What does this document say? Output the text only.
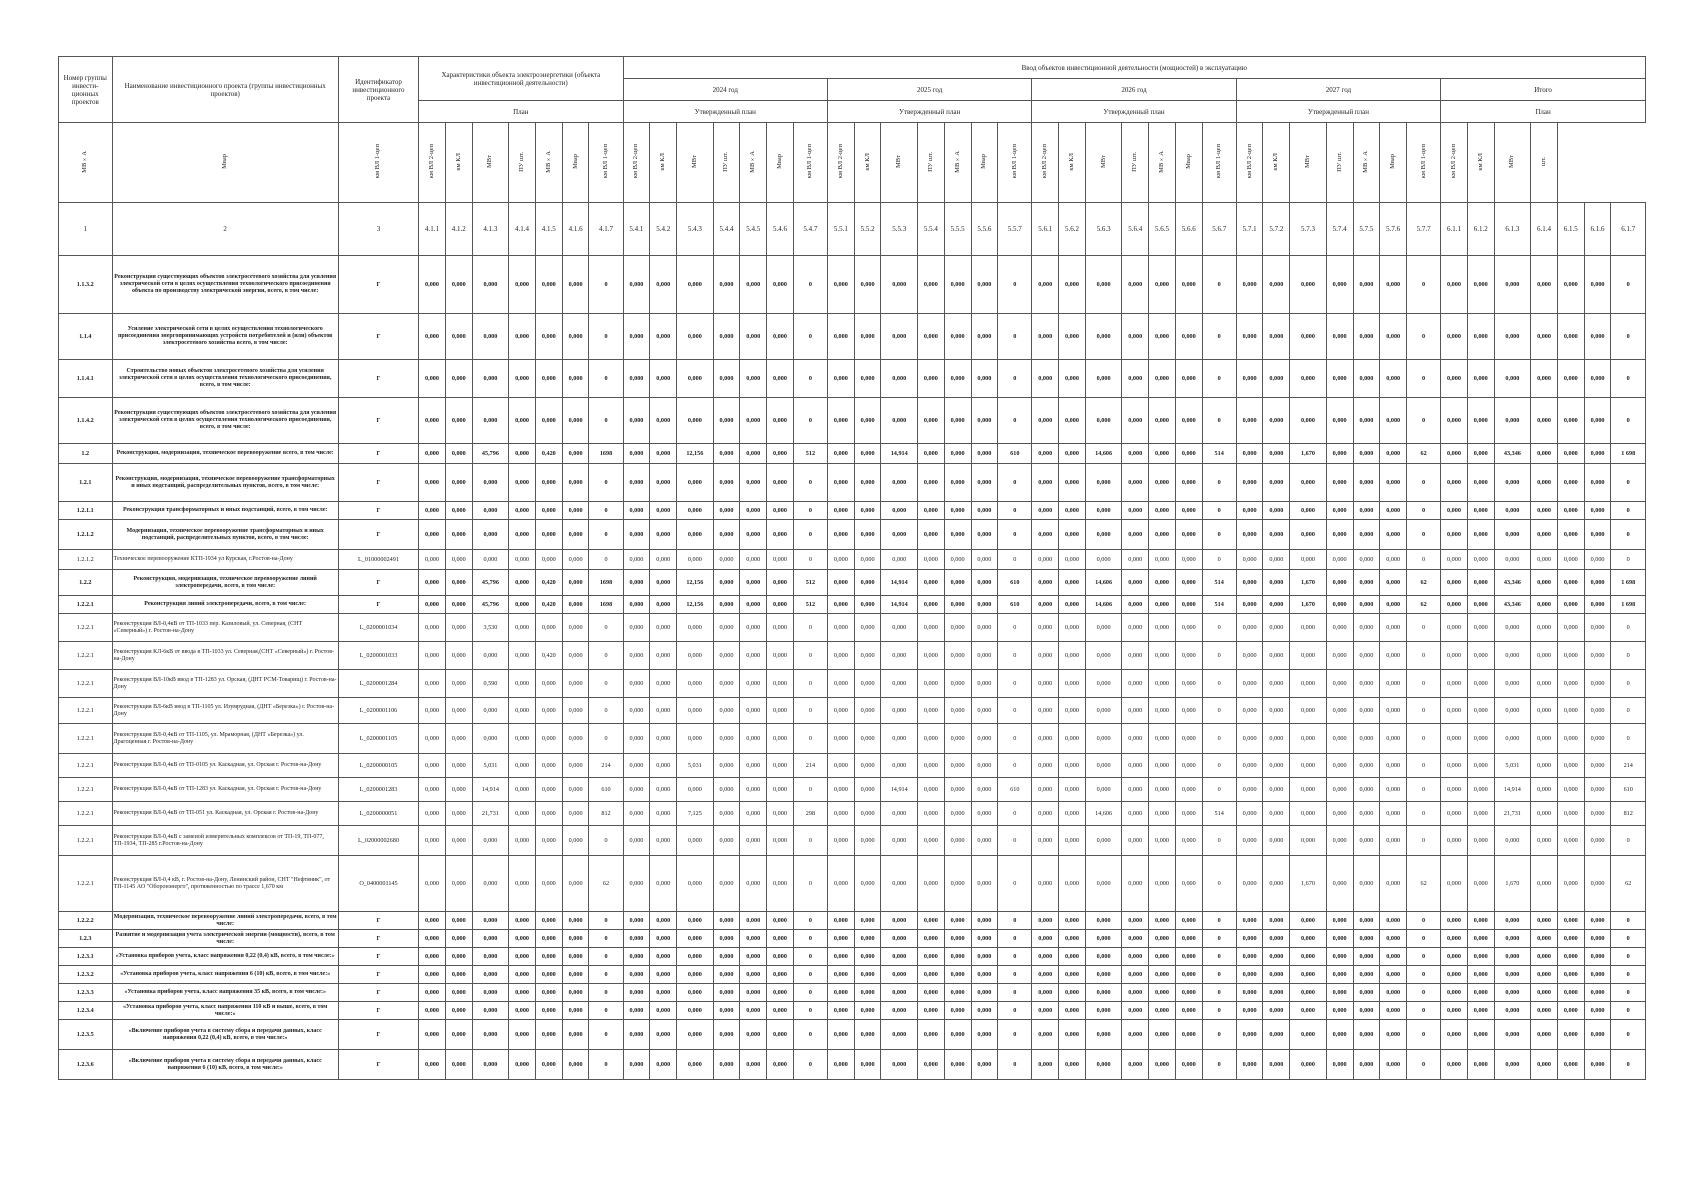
Номер группы инвести-ционных проектов	Наименование инвестиционного проекта (группы инвестиционных проектов)	Идентификатор инвестиционного проекта	Характеристики объекта электроэнергетики (объекта инвестиционной деятельности)							Ввод объектов инвестиционной деятельности (мощностей) в эксплуатацию																																		
										2024 год							2025 год							2026 год							2027 год							Итого						
			План							Утвержденный план							Утвержденный план							Утвержденный план							Утвержденный план							План						
МВ×А	Мвар	км ВЛ 1-цеп	км ВЛ 2-цеп	км КЛ	МВт	ПУ шт.	МВ×А	Мвар	км ВЛ 1-цеп	км ВЛ 2-цеп	км КЛ	МВт	ПУ шт.	МВ×А	Мвар	км ВЛ 1-цеп	км ВЛ 2-цеп	км КЛ	МВт	ПУ шт.	МВ×А	Мвар	км ВЛ 1-цеп	км ВЛ 2-цеп	км КЛ	МВт	ПУ шт.	МВ×А	Мвар	км ВЛ 1-цеп	км ВЛ 2-цеп	км КЛ	МВт	ПУ шт.	МВ×А	Мвар	км ВЛ 1-цеп	км ВЛ 2-цеп	км КЛ	МВт	шт.			
1	2	3	4.1.1	4.1.2	4.1.3	4.1.4	4.1.5	4.1.6	4.1.7	5.4.1	5.4.2	5.4.3	5.4.4	5.4.5	5.4.6	5.4.7	5.5.1	5.5.2	5.5.3	5.5.4	5.5.5	5.5.6	5.5.7	5.6.1	5.6.2	5.6.3	5.6.4	5.6.5	5.6.6	5.6.7	5.7.1	5.7.2	5.7.3	5.7.4	5.7.5	5.7.6	5.7.7	6.1.1	6.1.2	6.1.3	6.1.4	6.1.5	6.1.6	6.1.7
1.1.3.2	Реконструкция существующих объектов электросетевого хозяйства для усиления электрической сети в целях осуществления технологического присоединения объекта по производству электрической энергии, всего, в том числе:	Г	0,000	0,000	0,000	0,000	0,000	0,000	0	0,000	0,000	0,000	0,000	0,000	0,000	0	0,000	0,000	0,000	0,000	0,000	0,000	0	0,000	0,000	0,000	0,000	0,000	0,000	0	0,000	0,000	0,000	0,000	0,000	0,000	0	0,000	0,000	0,000	0,000	0,000	0,000	0
1.1.4	Усиление электрической сети в целях осуществления технологического присоединения энергопринимающих устройств потребителей и (или) объектов электросетевого хозяйства всего, в том числе:	Г	0,000	0,000	0,000	0,000	0,000	0,000	0	0,000	0,000	0,000	0,000	0,000	0,000	0	0,000	0,000	0,000	0,000	0,000	0,000	0	0,000	0,000	0,000	0,000	0,000	0,000	0	0,000	0,000	0,000	0,000	0,000	0,000	0	0,000	0,000	0,000	0,000	0,000	0,000	0
1.1.4.1	Строительство новых объектов электросетевого хозяйства для усиления электрической сети в целях осуществления технологического присоединения, всего, в том числе:	Г	0,000	0,000	0,000	0,000	0,000	0,000	0	0,000	0,000	0,000	0,000	0,000	0,000	0	0,000	0,000	0,000	0,000	0,000	0,000	0	0,000	0,000	0,000	0,000	0,000	0,000	0	0,000	0,000	0,000	0,000	0,000	0,000	0	0,000	0,000	0,000	0,000	0,000	0,000	0
1.1.4.2	Реконструкция существующих объектов электросетевого хозяйства для усиления электрической сети в целях осуществления технологического присоединения, всего, в том числе:	Г	0,000	0,000	0,000	0,000	0,000	0,000	0	0,000	0,000	0,000	0,000	0,000	0,000	0	0,000	0,000	0,000	0,000	0,000	0,000	0	0,000	0,000	0,000	0,000	0,000	0,000	0	0,000	0,000	0,000	0,000	0,000	0,000	0	0,000	0,000	0,000	0,000	0,000	0,000	0
1.2	Реконструкция, модернизация, техническое перевооружение всего, в том числе:	Г	0,000	0,000	45,796	0,000	0,420	0,000	1698	0,000	0,000	12,156	0,000	0,000	0,000	512	0,000	0,000	14,914	0,000	0,000	0,000	610	0,000	0,000	14,606	0,000	0,000	0,000	514	0,000	0,000	1,670	0,000	0,000	0,000	62	0,000	0,000	43,346	0,000	0,000	0,000	1 698
1.2.1	Реконструкция, модернизация, техническое перевооружение трансформаторных и иных подстанций, распределительных пунктов, всего, в том числе:	Г	0,000	0,000	0,000	0,000	0,000	0,000	0	0,000	0,000	0,000	0,000	0,000	0,000	0	0,000	0,000	0,000	0,000	0,000	0,000	0	0,000	0,000	0,000	0,000	0,000	0,000	0	0,000	0,000	0,000	0,000	0,000	0,000	0	0,000	0,000	0,000	0,000	0,000	0,000	0
1.2.1.1	Реконструкция трансформаторных и иных подстанций, всего, в том числе:	Г	0,000	0,000	0,000	0,000	0,000	0,000	0	0,000	0,000	0,000	0,000	0,000	0,000	0	0,000	0,000	0,000	0,000	0,000	0,000	0	0,000	0,000	0,000	0,000	0,000	0,000	0	0,000	0,000	0,000	0,000	0,000	0,000	0	0,000	0,000	0,000	0,000	0,000	0,000	0
1.2.1.2	Модернизация, техническое перевооружение трансформаторных и иных подстанций, распределительных пунктов, всего, в том числе:	Г	0,000	0,000	0,000	0,000	0,000	0,000	0	0,000	0,000	0,000	0,000	0,000	0,000	0	0,000	0,000	0,000	0,000	0,000	0,000	0	0,000	0,000	0,000	0,000	0,000	0,000	0	0,000	0,000	0,000	0,000	0,000	0,000	0	0,000	0,000	0,000	0,000	0,000	0,000	0
1.2.1.2	Техническое перевооружение КТП-1934 ул Курская, г.Ростов-на-Дону	L_01000002491	0,000	0,000	0,000	0,000	0,000	0,000	0	0,000	0,000	0,000	0,000	0,000	0,000	0	0,000	0,000	0,000	0,000	0,000	0,000	0	0,000	0,000	0,000	0,000	0,000	0,000	0	0,000	0,000	0,000	0,000	0,000	0,000	0	0,000	0,000	0,000	0,000	0,000	0,000	0
1.2.2	Реконструкция, модернизация, техническое перевооружение линий электропередачи, всего, в том числе:	Г	0,000	0,000	45,796	0,000	0,420	0,000	1698	0,000	0,000	12,156	0,000	0,000	0,000	512	0,000	0,000	14,914	0,000	0,000	0,000	610	0,000	0,000	14,606	0,000	0,000	0,000	514	0,000	0,000	1,670	0,000	0,000	0,000	62	0,000	0,000	43,346	0,000	0,000	0,000	1 698
1.2.2.1	Реконструкция линий электропередачи, всего, в том числе:	Г	0,000	0,000	45,796	0,000	0,420	0,000	1698	0,000	0,000	12,156	0,000	0,000	0,000	512	0,000	0,000	14,914	0,000	0,000	0,000	610	0,000	0,000	14,606	0,000	0,000	0,000	514	0,000	0,000	1,670	0,000	0,000	0,000	62	0,000	0,000	43,346	0,000	0,000	0,000	1 698
1.2.2.1	Реконструкция ВЛ-0,4кВ от ТП-1033 пер. Казиловый, ул. Северная, (СНТ «Северный») г. Ростов-на-Дону	L_0200001034	0,000	0,000	3,530	0,000	0,000	0,000	0	0,000	0,000	0,000	0,000	0,000	0,000	0	0,000	0,000	0,000	0,000	0,000	0,000	0	0,000	0,000	0,000	0,000	0,000	0,000	0	0,000	0,000	0,000	0,000	0,000	0,000	0	0,000	0,000	0,000	0,000	0,000	0,000	0
1.2.2.1	Реконструкция КЛ-6кВ от ввода в ТП-1033 ул. Северная,(СНТ «Северный») г. Ростов-на-Дону	L_0200001033	0,000	0,000	0,000	0,000	0,420	0,000	0	0,000	0,000	0,000	0,000	0,000	0,000	0	0,000	0,000	0,000	0,000	0,000	0,000	0	0,000	0,000	0,000	0,000	0,000	0,000	0	0,000	0,000	0,000	0,000	0,000	0,000	0	0,000	0,000	0,000	0,000	0,000	0,000	0
1.2.2.1	Реконструкция ВЛ-10кВ ввод в ТП-1283 ул. Орская, (ДНТ РСМ-Товарищ) г. Ростов-на-Дону	L_0200001284	0,000	0,000	0,590	0,000	0,000	0,000	0	0,000	0,000	0,000	0,000	0,000	0,000	0	0,000	0,000	0,000	0,000	0,000	0,000	0	0,000	0,000	0,000	0,000	0,000	0,000	0	0,000	0,000	0,000	0,000	0,000	0,000	0	0,000	0,000	0,000	0,000	0,000	0,000	0
1.2.2.1	Реконструкция ВЛ-6кВ ввод в ТП-1105 ул. Изумрудная, (ДНТ «Березка») г. Ростов-на-Дону	L_0200001106	0,000	0,000	0,000	0,000	0,000	0,000	0	0,000	0,000	0,000	0,000	0,000	0,000	0	0,000	0,000	0,000	0,000	0,000	0,000	0	0,000	0,000	0,000	0,000	0,000	0,000	0	0,000	0,000	0,000	0,000	0,000	0,000	0	0,000	0,000	0,000	0,000	0,000	0,000	0
1.2.2.1	Реконструкция ВЛ-0,4кВ от ТП-1105, ул. Мраморная, (ДНТ «Березка») ул. Драгоценная г. Ростов-на-Дону	L_0200001105	0,000	0,000	0,000	0,000	0,000	0,000	0	0,000	0,000	0,000	0,000	0,000	0,000	0	0,000	0,000	0,000	0,000	0,000	0,000	0	0,000	0,000	0,000	0,000	0,000	0,000	0	0,000	0,000	0,000	0,000	0,000	0,000	0	0,000	0,000	0,000	0,000	0,000	0,000	0
1.2.2.1	Реконструкция ВЛ-0,4кВ от ТП-0105 ул. Каскадная, ул. Орская г. Ростов-на-Дону	L_0200000105	0,000	0,000	5,031	0,000	0,000	0,000	214	0,000	0,000	5,031	0,000	0,000	0,000	214	0,000	0,000	0,000	0,000	0,000	0,000	0	0,000	0,000	0,000	0,000	0,000	0,000	0	0,000	0,000	0,000	0,000	0,000	0,000	0	0,000	0,000	5,031	0,000	0,000	0,000	214
1.2.2.1	Реконструкция ВЛ-0,4кВ от ТП-1283 ул. Каскадная, ул. Орская г. Ростов-на-Дону	L_0200001283	0,000	0,000	14,914	0,000	0,000	0,000	610	0,000	0,000	0,000	0,000	0,000	0,000	0	0,000	0,000	14,914	0,000	0,000	0,000	610	0,000	0,000	0,000	0,000	0,000	0,000	0	0,000	0,000	0,000	0,000	0,000	0,000	0	0,000	0,000	14,914	0,000	0,000	0,000	610
1.2.2.1	Реконструкция ВЛ-0,4кВ от ТП-051 ул. Каскадная, ул. Орская г. Ростов-на-Дону	L_0200000051	0,000	0,000	21,731	0,000	0,000	0,000	812	0,000	0,000	7,125	0,000	0,000	0,000	298	0,000	0,000	0,000	0,000	0,000	0,000	0	0,000	0,000	14,606	0,000	0,000	0,000	514	0,000	0,000	0,000	0,000	0,000	0,000	0	0,000	0,000	21,731	0,000	0,000	0,000	812
1.2.2.1	Реконструкция ВЛ-0,4кВ с заменой измерительных комплексов от ТП-19, ТП-077, ТП-1934, ТП-285 г.Ростов-на-Дону	L_02000002680	0,000	0,000	0,000	0,000	0,000	0,000	0	0,000	0,000	0,000	0,000	0,000	0,000	0	0,000	0,000	0,000	0,000	0,000	0,000	0	0,000	0,000	0,000	0,000	0,000	0,000	0	0,000	0,000	0,000	0,000	0,000	0,000	0	0,000	0,000	0,000	0,000	0,000	0,000	0
1.2.2.1	Реконструкция ВЛ-0,4 кВ, г. Ростов-на-Дону, Ленинский район, СНТ "Нефтяник", от ТП-1145 АО "Оборонэнерго", протяженностью по трассе 1,670 км	O_0400001145	0,000	0,000	0,000	0,000	0,000	0,000	62	0,000	0,000	0,000	0,000	0,000	0,000	0	0,000	0,000	0,000	0,000	0,000	0,000	0	0,000	0,000	0,000	0,000	0,000	0,000	0	0,000	0,000	1,670	0,000	0,000	0,000	62	0,000	0,000	1,670	0,000	0,000	0,000	62
1.2.2.2	Модернизация, техническое перевооружение линий электропередачи, всего, в том числе:	Г	0,000	0,000	0,000	0,000	0,000	0,000	0	0,000	0,000	0,000	0,000	0,000	0,000	0	0,000	0,000	0,000	0,000	0,000	0,000	0	0,000	0,000	0,000	0,000	0,000	0,000	0	0,000	0,000	0,000	0,000	0,000	0,000	0	0,000	0,000	0,000	0,000	0,000	0,000	0
1.2.3	Развитие и модернизация учета электрической энергии (мощности), всего, в том числе:	Г	0,000	0,000	0,000	0,000	0,000	0,000	0	0,000	0,000	0,000	0,000	0,000	0,000	0	0,000	0,000	0,000	0,000	0,000	0,000	0	0,000	0,000	0,000	0,000	0,000	0,000	0	0,000	0,000	0,000	0,000	0,000	0,000	0	0,000	0,000	0,000	0,000	0,000	0,000	0
1.2.3.1	«Установка приборов учета, класс напряжения 0,22 (0,4) кВ, всего, в том числе:»	Г	0,000	0,000	0,000	0,000	0,000	0,000	0	0,000	0,000	0,000	0,000	0,000	0,000	0	0,000	0,000	0,000	0,000	0,000	0,000	0	0,000	0,000	0,000	0,000	0,000	0,000	0	0,000	0,000	0,000	0,000	0,000	0,000	0	0,000	0,000	0,000	0,000	0,000	0,000	0
1.2.3.2	«Установка приборов учета, класс напряжения 6 (10) кВ, всего, в том числе:»	Г	0,000	0,000	0,000	0,000	0,000	0,000	0	0,000	0,000	0,000	0,000	0,000	0,000	0	0,000	0,000	0,000	0,000	0,000	0,000	0	0,000	0,000	0,000	0,000	0,000	0,000	0	0,000	0,000	0,000	0,000	0,000	0,000	0	0,000	0,000	0,000	0,000	0,000	0,000	0
1.2.3.3	«Установка приборов учета, класс напряжения 35 кВ, всего, в том числе:»	Г	0,000	0,000	0,000	0,000	0,000	0,000	0	0,000	0,000	0,000	0,000	0,000	0,000	0	0,000	0,000	0,000	0,000	0,000	0,000	0	0,000	0,000	0,000	0,000	0,000	0,000	0	0,000	0,000	0,000	0,000	0,000	0,000	0	0,000	0,000	0,000	0,000	0,000	0,000	0
1.2.3.4	«Установка приборов учета, класс напряжения 110 кВ и выше, всего, в том числе:»	Г	0,000	0,000	0,000	0,000	0,000	0,000	0	0,000	0,000	0,000	0,000	0,000	0,000	0	0,000	0,000	0,000	0,000	0,000	0,000	0	0,000	0,000	0,000	0,000	0,000	0,000	0	0,000	0,000	0,000	0,000	0,000	0,000	0	0,000	0,000	0,000	0,000	0,000	0,000	0
1.2.3.5	«Включение приборов учета в систему сбора и передачи данных, класс напряжения 0,22 (0,4) кВ, всего, в том числе:»	Г	0,000	0,000	0,000	0,000	0,000	0,000	0	0,000	0,000	0,000	0,000	0,000	0,000	0	0,000	0,000	0,000	0,000	0,000	0,000	0	0,000	0,000	0,000	0,000	0,000	0,000	0	0,000	0,000	0,000	0,000	0,000	0,000	0	0,000	0,000	0,000	0,000	0,000	0,000	0
1.2.3.6	«Включение приборов учета в систему сбора и передачи данных, класс напряжения 6 (10) кВ, всего, в том числе:»	Г	0,000	0,000	0,000	0,000	0,000	0,000	0	0,000	0,000	0,000	0,000	0,000	0,000	0	0,000	0,000	0,000	0,000	0,000	0,000	0	0,000	0,000	0,000	0,000	0,000	0,000	0	0,000	0,000	0,000	0,000	0,000	0,000	0	0,000	0,000	0,000	0,000	0,000	0,000	0
